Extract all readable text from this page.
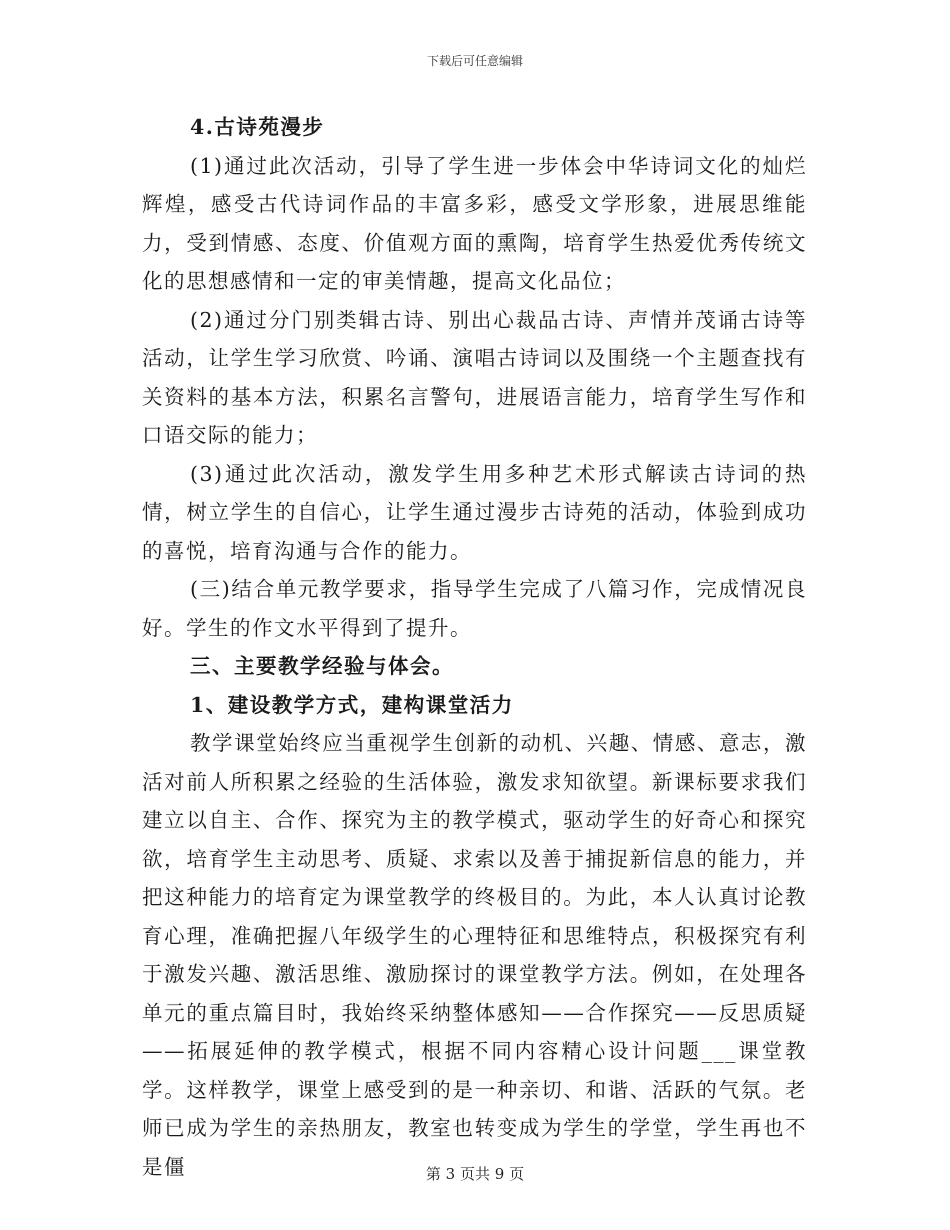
下载后可任意编辑

4.古诗苑漫步

(1)通过此次活动，引导了学生进一步体会中华诗词文化的灿烂辉煌，感受古代诗词作品的丰富多彩，感受文学形象，进展思维能力，受到情感、态度、价值观方面的熏陶，培育学生热爱优秀传统文化的思想感情和一定的审美情趣，提高文化品位；

(2)通过分门别类辑古诗、别出心裁品古诗、声情并茂诵古诗等活动，让学生学习欣赏、吟诵、演唱古诗词以及围绕一个主题查找有关资料的基本方法，积累名言警句，进展语言能力，培育学生写作和口语交际的能力；

(3)通过此次活动，激发学生用多种艺术形式解读古诗词的热情，树立学生的自信心，让学生通过漫步古诗苑的活动，体验到成功的喜悦，培育沟通与合作的能力。

(三)结合单元教学要求，指导学生完成了八篇习作，完成情况良好。学生的作文水平得到了提升。

三、主要教学经验与体会。

1、建设教学方式，建构课堂活力

教学课堂始终应当重视学生创新的动机、兴趣、情感、意志，激活对前人所积累之经验的生活体验，激发求知欲望。新课标要求我们建立以自主、合作、探究为主的教学模式，驱动学生的好奇心和探究欲，培育学生主动思考、质疑、求索以及善于捕捉新信息的能力，并把这种能力的培育定为课堂教学的终极目的。为此，本人认真讨论教育心理，准确把握八年级学生的心理特征和思维特点，积极探究有利于激发兴趣、激活思维、激励探讨的课堂教学方法。例如，在处理各单元的重点篇目时，我始终采纳整体感知——合作探究——反思质疑——拓展延伸的教学模式，根据不同内容精心设计问题___课堂教学。这样教学，课堂上感受到的是一种亲切、和谐、活跃的气氛。老师已成为学生的亲热朋友，教室也转变成为学生的学堂，学生再也不是僵	第 3 页共 9 页
